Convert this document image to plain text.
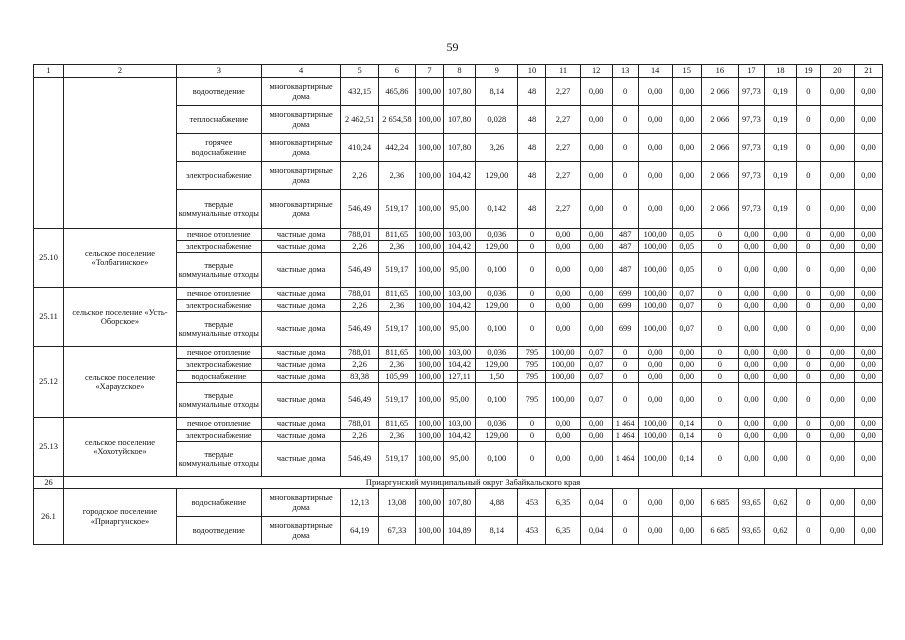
59
1	2	3	4	5	6	7	8	9	10	11	12	13	14	15	16	17	18	19	20	21
		водоотведение	многоквартирные дома	432,15	465,86	100,00	107,80	8,14	48	2,27	0,00	0	0,00	0,00	2 066	97,73	0,19	0	0,00	0,00
		теплоснабжение	многоквартирные дома	2 462,51	2 654,58	100,00	107,80	0,028	48	2,27	0,00	0	0,00	0,00	2 066	97,73	0,19	0	0,00	0,00
		горячее водоснабжение	многоквартирные дома	410,24	442,24	100,00	107,80	3,26	48	2,27	0,00	0	0,00	0,00	2 066	97,73	0,19	0	0,00	0,00
		электроснабжение	многоквартирные дома	2,26	2,36	100,00	104,42	129,00	48	2,27	0,00	0	0,00	0,00	2 066	97,73	0,19	0	0,00	0,00
		твердые коммунальные отходы	многоквартирные дома	546,49	519,17	100,00	95,00	0,142	48	2,27	0,00	0	0,00	0,00	2 066	97,73	0,19	0	0,00	0,00
25.10	сельское поселение «Толбагинское»	печное отопление	частные дома	788,01	811,65	100,00	103,00	0,036	0	0,00	0,00	487	100,00	0,05	0	0,00	0,00	0	0,00	0,00
		электроснабжение	частные дома	2,26	2,36	100,00	104,42	129,00	0	0,00	0,00	487	100,00	0,05	0	0,00	0,00	0	0,00	0,00
		твердые коммунальные отходы	частные дома	546,49	519,17	100,00	95,00	0,100	0	0,00	0,00	487	100,00	0,05	0	0,00	0,00	0	0,00	0,00
25.11	сельское поселение «Усть-Оборское»	печное отопление	частные дома	788,01	811,65	100,00	103,00	0,036	0	0,00	0,00	699	100,00	0,07	0	0,00	0,00	0	0,00	0,00
		электроснабжение	частные дома	2,26	2,36	100,00	104,42	129,00	0	0,00	0,00	699	100,00	0,07	0	0,00	0,00	0	0,00	0,00
		твердые коммунальные отходы	частные дома	546,49	519,17	100,00	95,00	0,100	0	0,00	0,00	699	100,00	0,07	0	0,00	0,00	0	0,00	0,00
25.12	сельское поселение «Харауzское»	печное отопление	частные дома	788,01	811,65	100,00	103,00	0,036	795	100,00	0,07	0	0,00	0,00	0	0,00	0,00	0	0,00	0,00
		электроснабжение	частные дома	2,26	2,36	100,00	104,42	129,00	795	100,00	0,07	0	0,00	0,00	0	0,00	0,00	0	0,00	0,00
		водоснабжение	частные дома	83,38	105,99	100,00	127,11	1,50	795	100,00	0,07	0	0,00	0,00	0	0,00	0,00	0	0,00	0,00
		твердые коммунальные отходы	частные дома	546,49	519,17	100,00	95,00	0,100	795	100,00	0,07	0	0,00	0,00	0	0,00	0,00	0	0,00	0,00
25.13	сельское поселение «Хохотуйское»	печное отопление	частные дома	788,01	811,65	100,00	103,00	0,036	0	0,00	0,00	1 464	100,00	0,14	0	0,00	0,00	0	0,00	0,00
		электроснабжение	частные дома	2,26	2,36	100,00	104,42	129,00	0	0,00	0,00	1 464	100,00	0,14	0	0,00	0,00	0	0,00	0,00
		твердые коммунальные отходы	частные дома	546,49	519,17	100,00	95,00	0,100	0	0,00	0,00	1 464	100,00	0,14	0	0,00	0,00	0	0,00	0,00
26	Приаргунский муниципальный округ Забайкальского края																			
26.1	городское поселение «Приаргунское»	водоснабжение	многоквартирные дома	12,13	13,08	100,00	107,80	4,88	453	6,35	0,04	0	0,00	0,00	6 685	93,65	0,62	0	0,00	0,00
		водоотведение	многоквартирные дома	64,19	67,33	100,00	104,89	8,14	453	6,35	0,04	0	0,00	0,00	6 685	93,65	0,62	0	0,00	0,00
